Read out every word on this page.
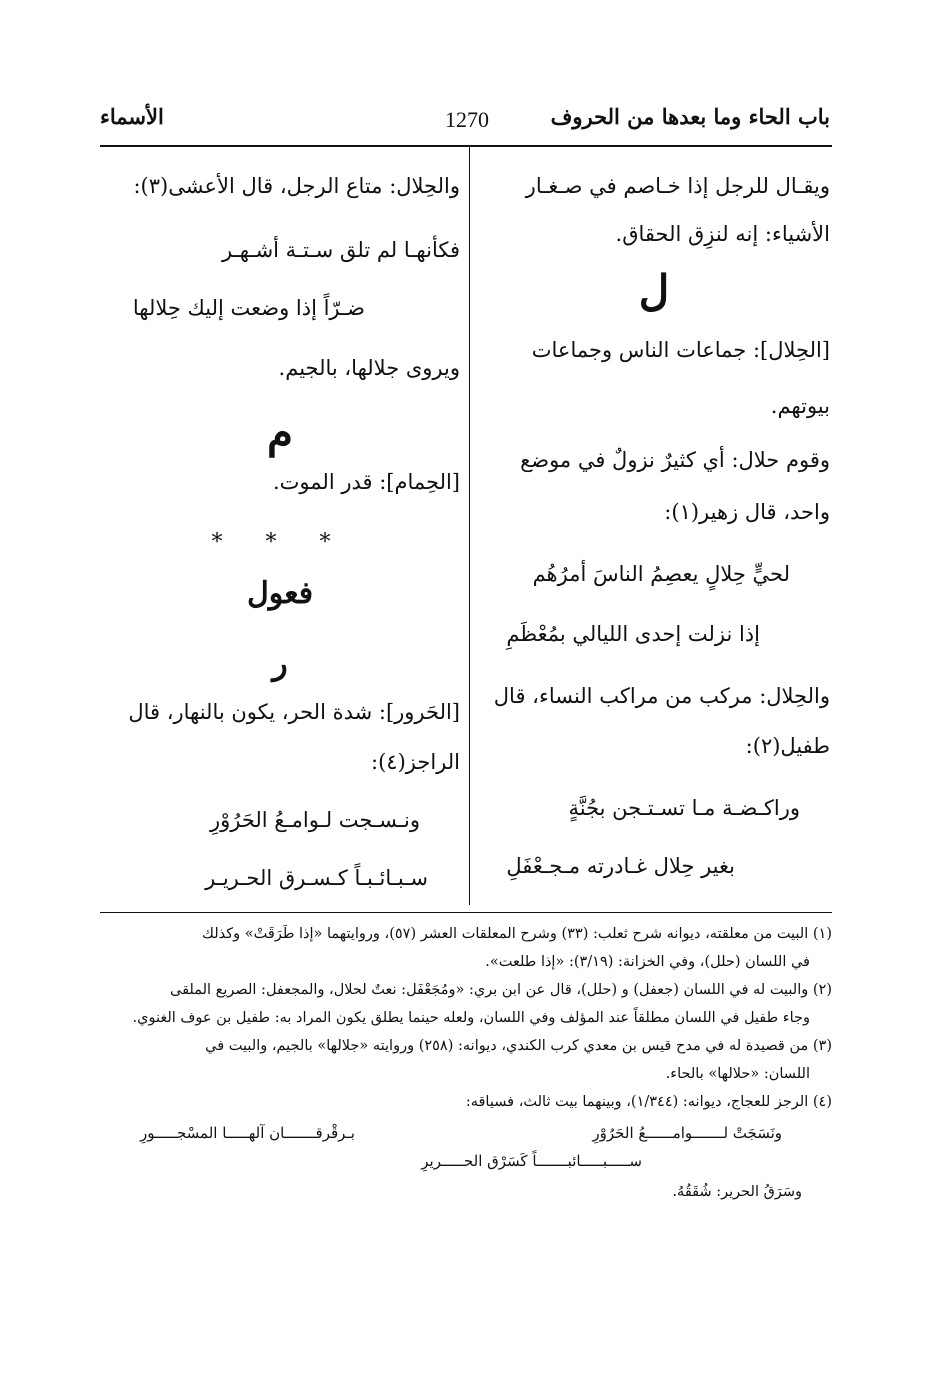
باب الحاء وما بعدها من الحروف
1270
الأسماء
ويقـال للرجل إذا خـاصم في صـغـار
الأشياء: إنه لنزِق الحقاق.
ل
[الحِلال]: جماعات الناس وجماعات
بيوتهم.
وقوم حلال: أي كثيرٌ نزولٌ في موضع
واحد، قال زهير(١):
لحيٍّ حِلالٍ يعصِمُ الناسَ أمرُهُم
إذا نزلت إحدى الليالي بمُعْظَمِ
والحِلال: مركب من مراكب النساء، قال
طفيل(٢):
وراكـضـة مـا تسـتـجن بجُنَّةٍ
بغير حِلال غـادرته مـجـعْفَلِ
والحِلال: متاع الرجل، قال الأعشى(٣):
فكأنهـا لم تلق سـتـة أشـهـر
ضـرّاً إذا وضعت إليك حِلالها
ويروى جلالها، بالجيم.
م
[الحِمام]: قدر الموت.
* * *
فعول
ر
[الحَرور]: شدة الحر، يكون بالنهار، قال
الراجز(٤):
ونـسـجت لـوامـعُ الحَرُوْرِ
سـبـائـبـاً كـسـرق الحـريـر
(١) البيت من معلقته، ديوانه شرح ثعلب: (٣٣) وشرح المعلقات العشر (٥٧)، وروايتهما «إذا طَرَقَتْ» وكذلك
في اللسان (حلل)، وفي الخزانة: (٣/١٩): «إذا طلعت».
(٢) والبيت له في اللسان (جعفل) و (حلل)، قال عن ابن بري: «ومُجَعْفَل: نعتٌ لحلال، والمجعفل: الصريع الملقى
وجاء طفيل في اللسان مطلقاً عند المؤلف وفي اللسان، ولعله حينما يطلق يكون المراد به: طفيل بن عوف الغنوي.
(٣) من قصيدة له في مدح قيس بن معدي كرب الكندي، ديوانه: (٢٥٨) وروايته «جلالها» بالجيم، والبيت في
اللسان: «حلالها» بالحاء.
(٤) الرجز للعجاج، ديوانه: (١/٣٤٤)، وبينهما بيت ثالث، فسياقه:
ونَسَجَتْ لـــــــوامــــــعُ الحَرُوْرِ
بـرقْرقـــــــان آلهـــــا المسْجـــــورِ
ســـــبـــــائبـــــــاً كَسَرْق الحـــــريرِ
وسَرَقُ الحرير: شُقَقُهُ.
